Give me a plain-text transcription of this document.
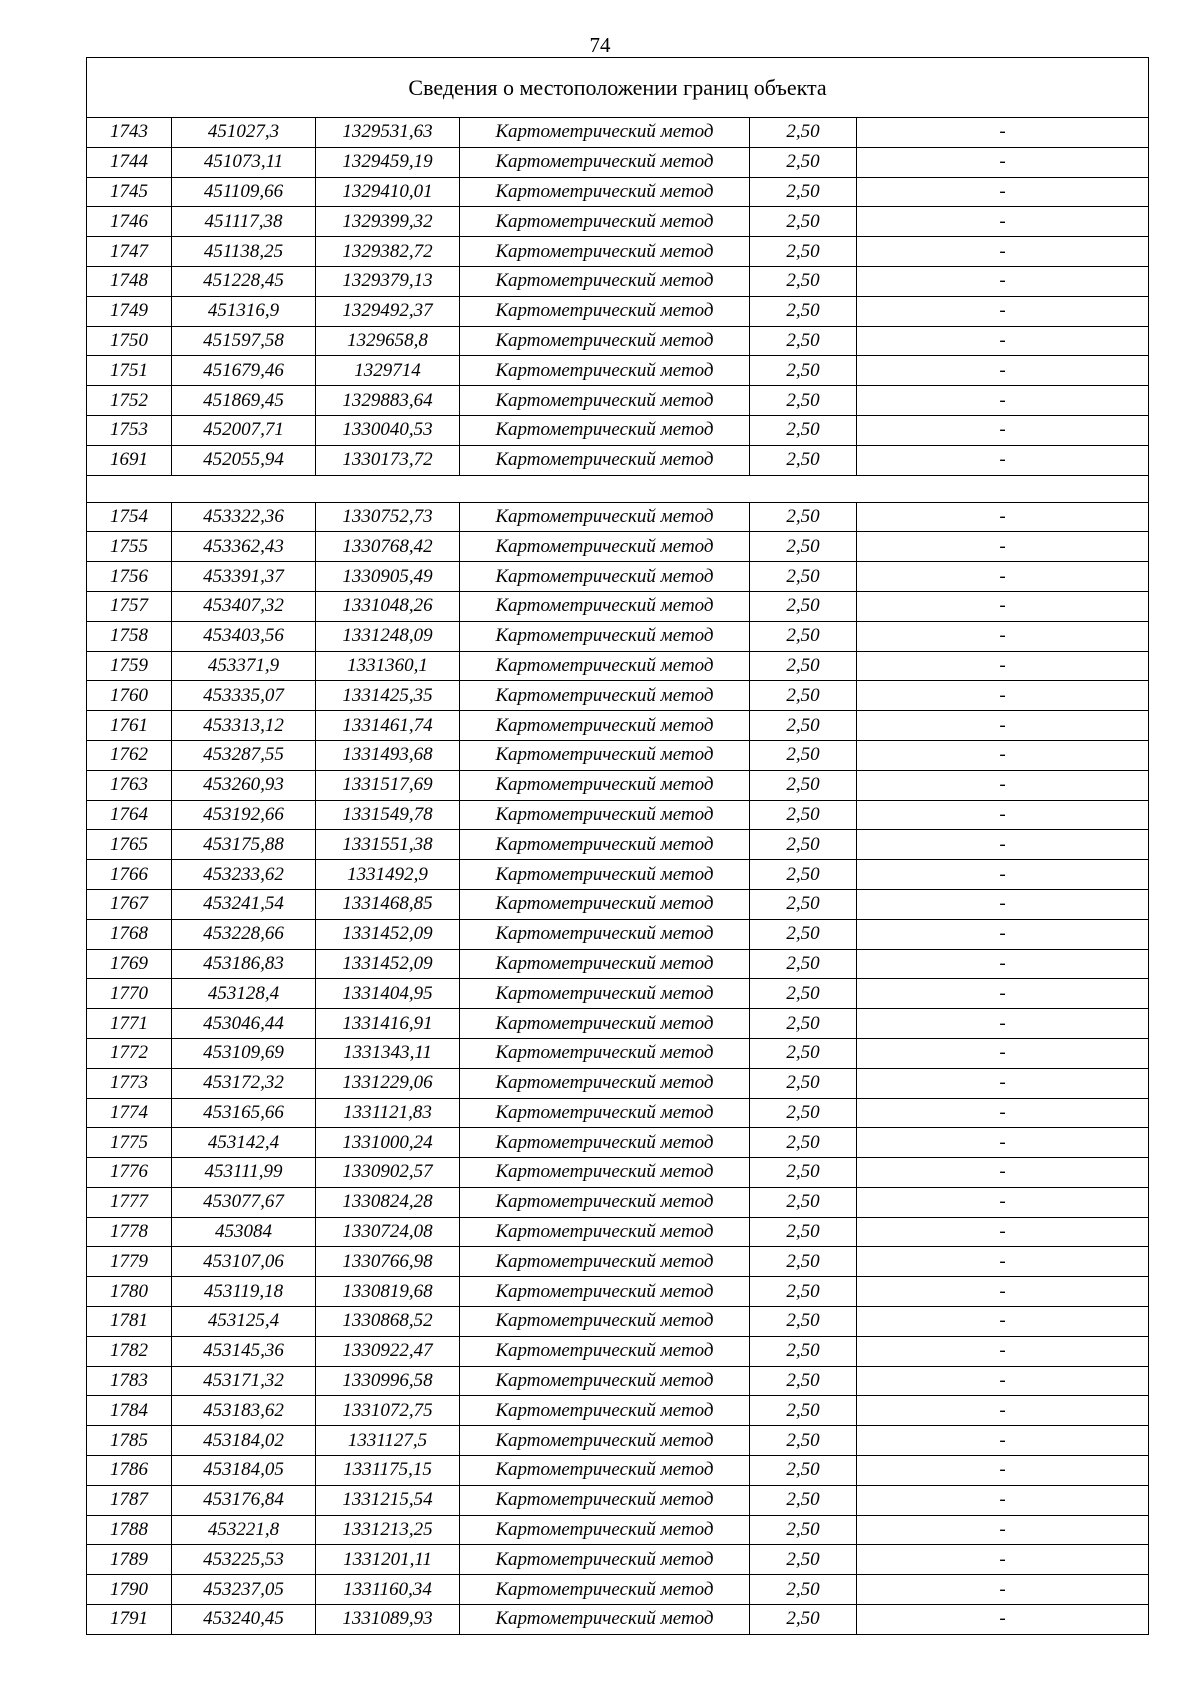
74
Сведения о местоположении границ объекта					
1743	451027,3	1329531,63	Картометрический метод	2,50	-
1744	451073,11	1329459,19	Картометрический метод	2,50	-
1745	451109,66	1329410,01	Картометрический метод	2,50	-
1746	451117,38	1329399,32	Картометрический метод	2,50	-
1747	451138,25	1329382,72	Картометрический метод	2,50	-
1748	451228,45	1329379,13	Картометрический метод	2,50	-
1749	451316,9	1329492,37	Картометрический метод	2,50	-
1750	451597,58	1329658,8	Картометрический метод	2,50	-
1751	451679,46	1329714	Картометрический метод	2,50	-
1752	451869,45	1329883,64	Картометрический метод	2,50	-
1753	452007,71	1330040,53	Картометрический метод	2,50	-
1691	452055,94	1330173,72	Картометрический метод	2,50	-

1754	453322,36	1330752,73	Картометрический метод	2,50	-
1755	453362,43	1330768,42	Картометрический метод	2,50	-
1756	453391,37	1330905,49	Картометрический метод	2,50	-
1757	453407,32	1331048,26	Картометрический метод	2,50	-
1758	453403,56	1331248,09	Картометрический метод	2,50	-
1759	453371,9	1331360,1	Картометрический метод	2,50	-
1760	453335,07	1331425,35	Картометрический метод	2,50	-
1761	453313,12	1331461,74	Картометрический метод	2,50	-
1762	453287,55	1331493,68	Картометрический метод	2,50	-
1763	453260,93	1331517,69	Картометрический метод	2,50	-
1764	453192,66	1331549,78	Картометрический метод	2,50	-
1765	453175,88	1331551,38	Картометрический метод	2,50	-
1766	453233,62	1331492,9	Картометрический метод	2,50	-
1767	453241,54	1331468,85	Картометрический метод	2,50	-
1768	453228,66	1331452,09	Картометрический метод	2,50	-
1769	453186,83	1331452,09	Картометрический метод	2,50	-
1770	453128,4	1331404,95	Картометрический метод	2,50	-
1771	453046,44	1331416,91	Картометрический метод	2,50	-
1772	453109,69	1331343,11	Картометрический метод	2,50	-
1773	453172,32	1331229,06	Картометрический метод	2,50	-
1774	453165,66	1331121,83	Картометрический метод	2,50	-
1775	453142,4	1331000,24	Картометрический метод	2,50	-
1776	453111,99	1330902,57	Картометрический метод	2,50	-
1777	453077,67	1330824,28	Картометрический метод	2,50	-
1778	453084	1330724,08	Картометрический метод	2,50	-
1779	453107,06	1330766,98	Картометрический метод	2,50	-
1780	453119,18	1330819,68	Картометрический метод	2,50	-
1781	453125,4	1330868,52	Картометрический метод	2,50	-
1782	453145,36	1330922,47	Картометрический метод	2,50	-
1783	453171,32	1330996,58	Картометрический метод	2,50	-
1784	453183,62	1331072,75	Картометрический метод	2,50	-
1785	453184,02	1331127,5	Картометрический метод	2,50	-
1786	453184,05	1331175,15	Картометрический метод	2,50	-
1787	453176,84	1331215,54	Картометрический метод	2,50	-
1788	453221,8	1331213,25	Картометрический метод	2,50	-
1789	453225,53	1331201,11	Картометрический метод	2,50	-
1790	453237,05	1331160,34	Картометрический метод	2,50	-
1791	453240,45	1331089,93	Картометрический метод	2,50	-
